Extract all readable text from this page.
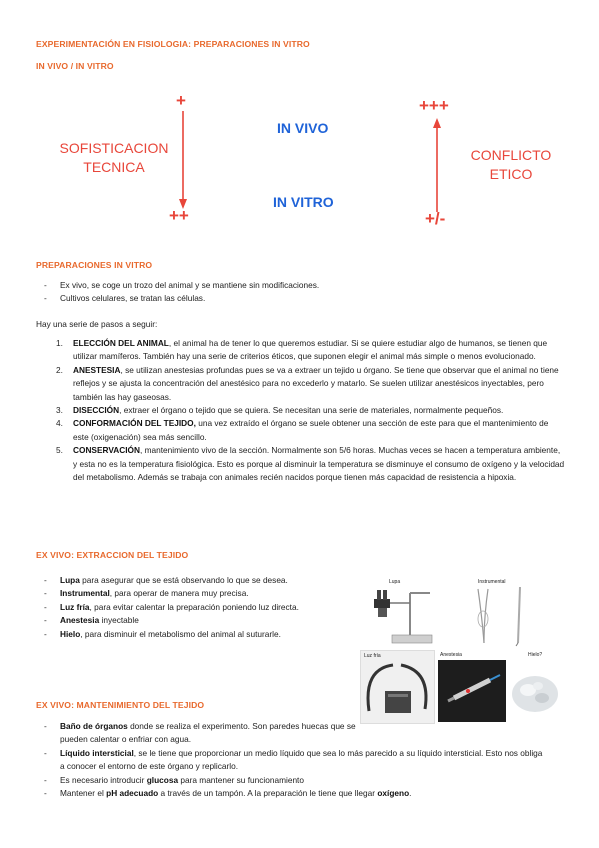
EXPERIMENTACIÓN EN FISIOLOGIA: PREPARACIONES IN VITRO
IN VIVO / IN VITRO
+
++
SOFISTICACION
TECNICA
IN VIVO
IN VITRO
+++
+/-
CONFLICTO
ETICO
PREPARACIONES IN VITRO
- Ex vivo, se coge un trozo del animal y se mantiene sin modificaciones.
- Cultivos celulares, se tratan las células.
Hay una serie de pasos a seguir:
1. ELECCIÓN DEL ANIMAL, el animal ha de tener lo que queremos estudiar. Si se quiere estudiar algo de humanos, se tienen que utilizar mamíferos. También hay una serie de criterios éticos, que suponen elegir el animal más simple o menos evolucionado.
2. ANESTESIA, se utilizan anestesias profundas pues se va a extraer un tejido u órgano. Se tiene que observar que el animal no tiene reflejos y se ajusta la concentración del anestésico para no excederlo y matarlo. Se suelen utilizar anestésicos inyectables, pero también las hay gaseosas.
3. DISECCIÓN, extraer el órgano o tejido que se quiera. Se necesitan una serie de materiales, normalmente pequeños.
4. CONFORMACIÓN DEL TEJIDO, una vez extraído el órgano se suele obtener una sección de este para que el mantenimiento de este (oxigenación) sea más sencillo.
5. CONSERVACIÓN, mantenimiento vivo de la sección. Normalmente son 5/6 horas. Muchas veces se hacen a temperatura ambiente, y esta no es la temperatura fisiológica. Esto es porque al disminuir la temperatura se disminuye el consumo de oxígeno y la velocidad del metabolismo. Además se trabaja con animales recién nacidos porque tienen más capacidad de resistencia a hipoxia.
EX VIVO: EXTRACCION DEL TEJIDO
- Lupa para asegurar que se está observando lo que se desea.
- Instrumental, para operar de manera muy precisa.
- Luz fría, para evitar calentar la preparación poniendo luz directa.
- Anestesia inyectable
- Hielo, para disminuir el metabolismo del animal al suturarle.
Lupa	Instrumental
Luz fría	Anestesia	Hielo?
EX VIVO: MANTENIMIENTO DEL TEJIDO
- Baño de órganos donde se realiza el experimento. Son paredes huecas que se pueden calentar o enfriar con agua.
- Líquido intersticial, se le tiene que proporcionar un medio líquido que sea lo más parecido a su líquido intersticial. Esto nos obliga a conocer el entorno de este órgano y replicarlo.
- Es necesario introducir glucosa para mantener su funcionamiento
- Mantener el pH adecuado a través de un tampón. A la preparación le tiene que llegar oxígeno.
